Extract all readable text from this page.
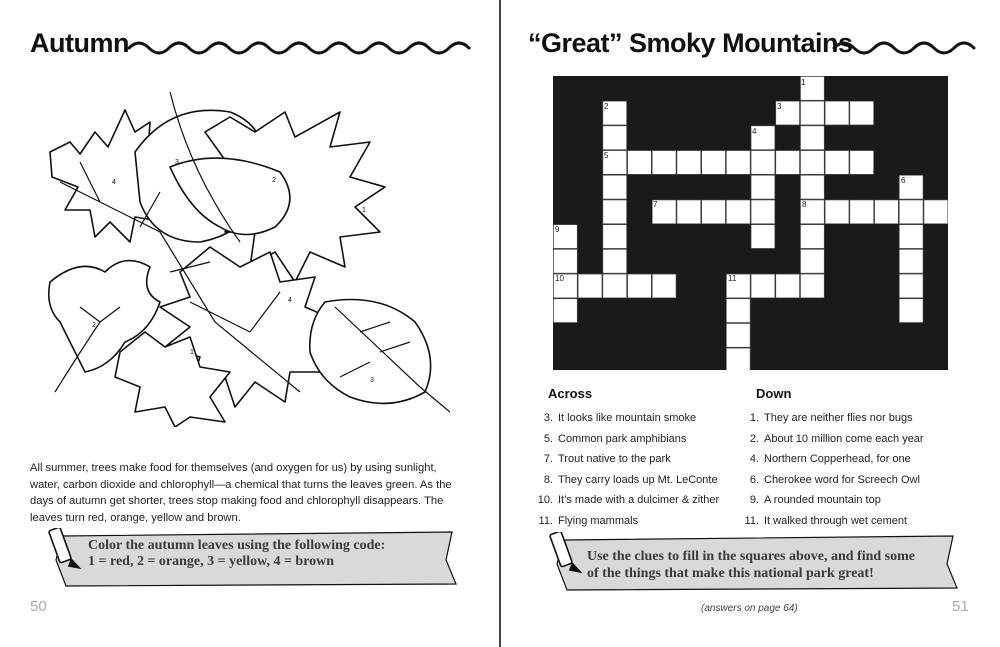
Autumn
4
3
2
1
2
4
1
3
All summer, trees make food for themselves (and oxygen for us) by using sunlight, water, carbon dioxide and chlorophyll—a chemical that turns the leaves green. As the days of autumn get shorter, trees stop making food and chlorophyll disappears. The leaves turn red, orange, yellow and brown.
Color the autumn leaves using the following code:
1 = red, 2 = orange, 3 = yellow, 4 = brown
50
“Great” Smoky Mountains
1
2	3
4
5
6
7	8
9
10	11
Across	Down
3. It looks like mountain smoke
5. Common park amphibians
7. Trout native to the park
8. They carry loads up Mt. LeConte
10. It’s made with a dulcimer & zither
11. Flying mammals
1. They are neither flies nor bugs
2. About 10 million come each year
4. Northern Copperhead, for one
6. Cherokee word for Screech Owl
9. A rounded mountain top
11. It walked through wet cement
Use the clues to fill in the squares above, and find some
of the things that make this national park great!
(answers on page 64)	51
